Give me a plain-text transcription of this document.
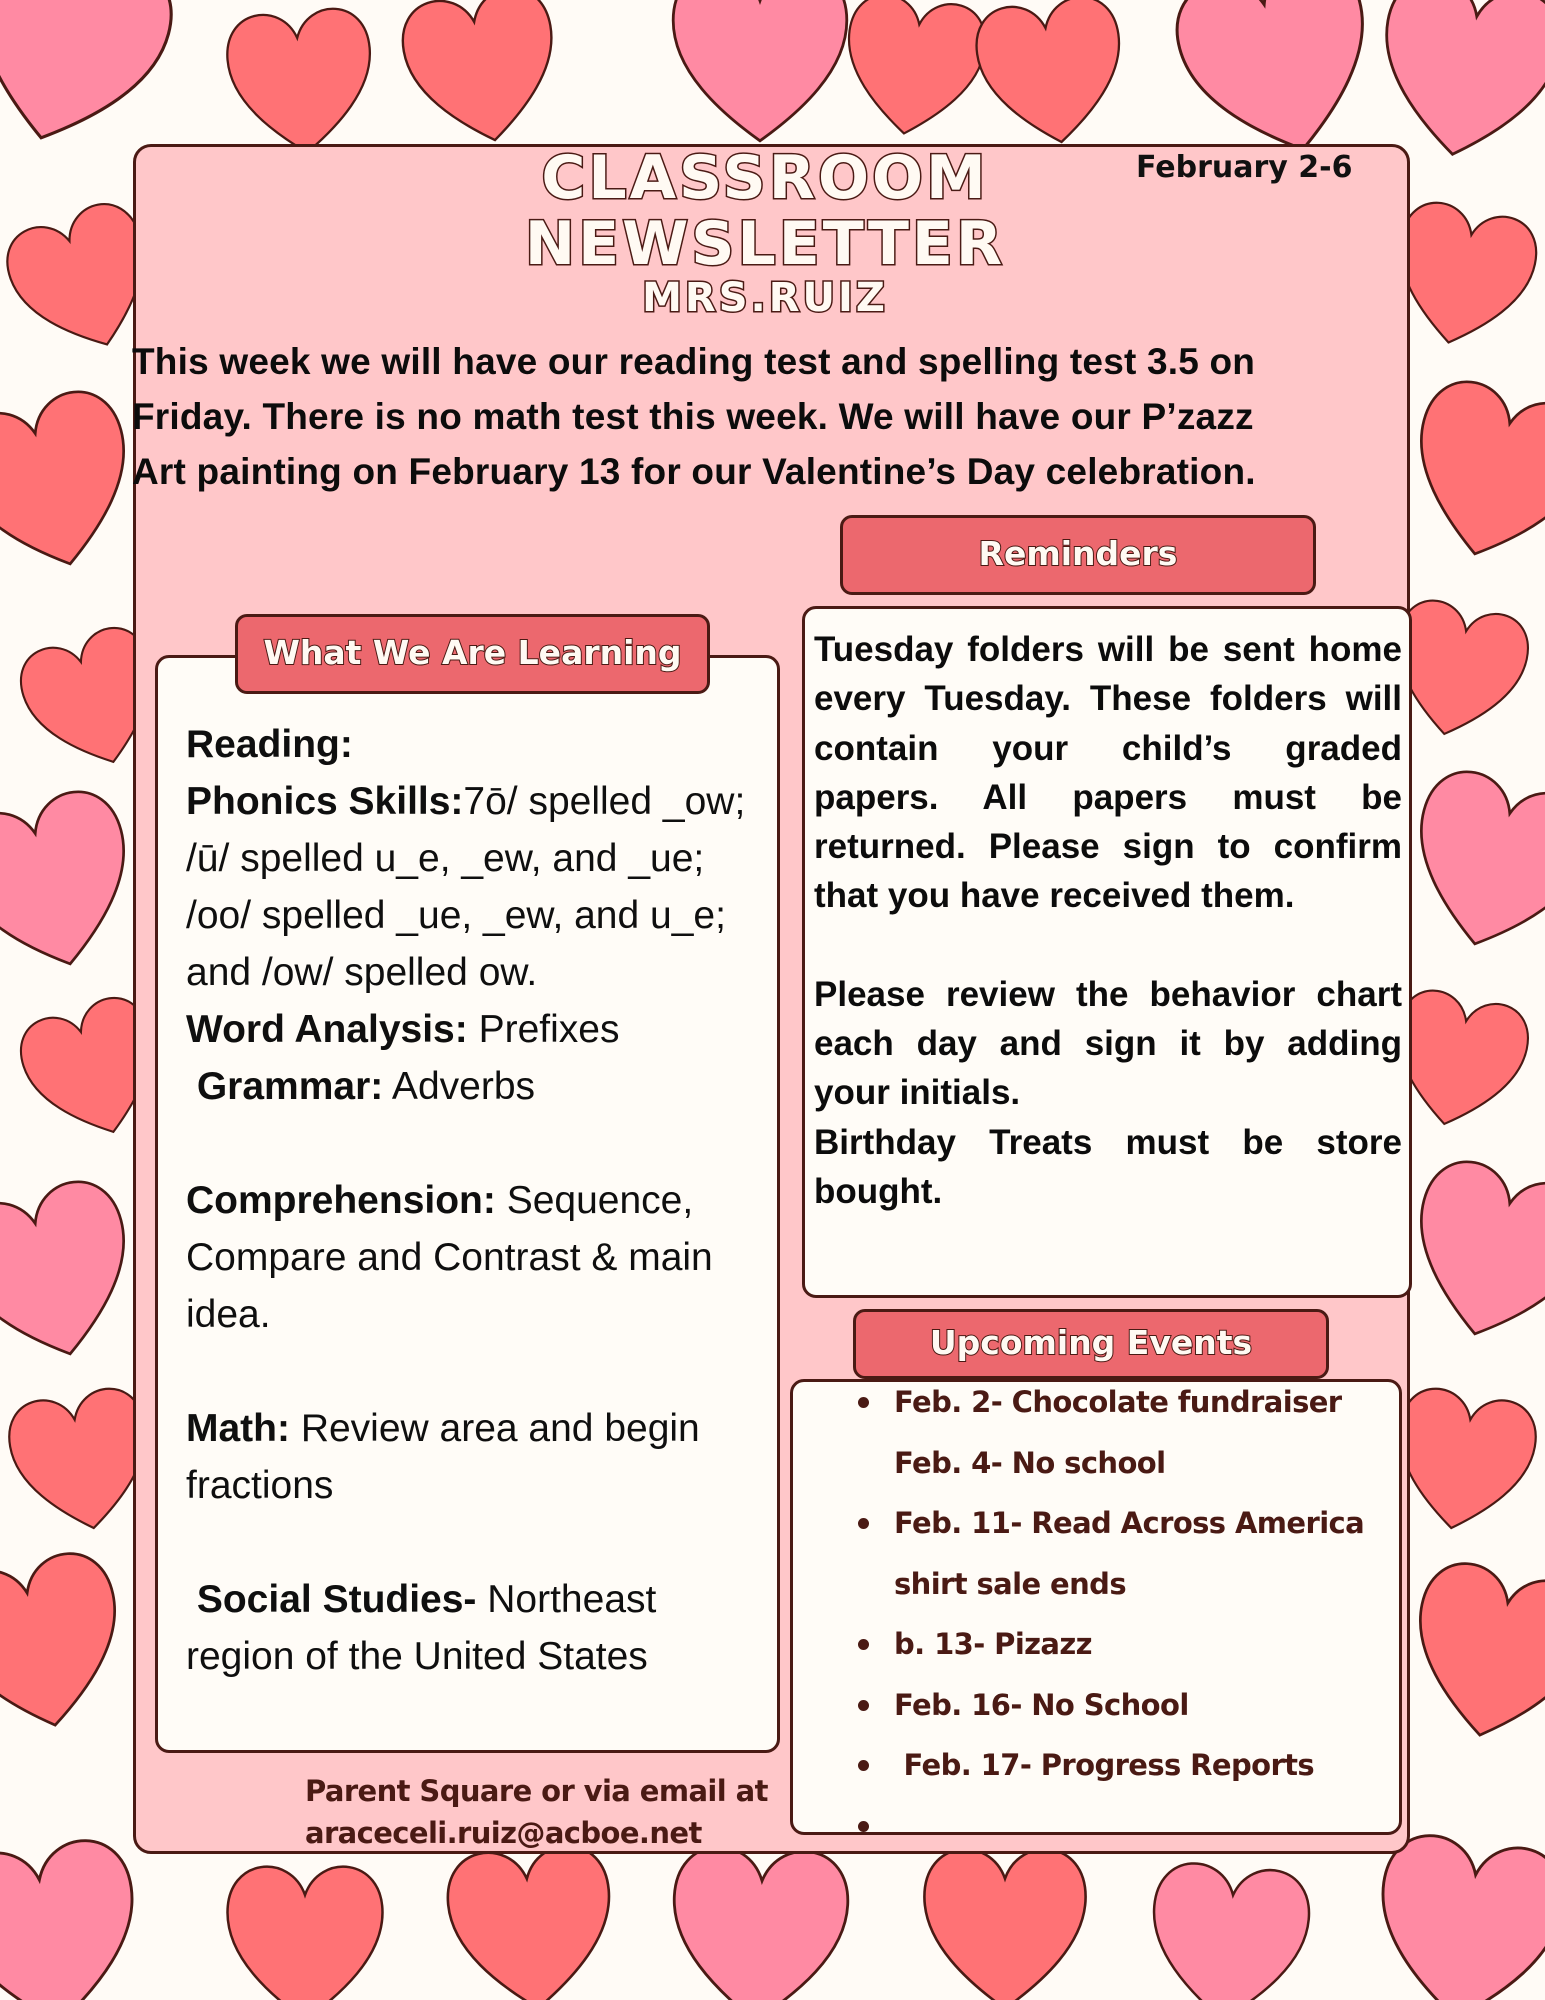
CLASSROOM
NEWSLETTER
MRS.RUIZ
February 2-6
This week we will have our reading test and spelling test 3.5 on
Friday. There is no math test this week. We will have our P’zazz
Art painting on February 13 for our Valentine’s Day celebration.
What We Are Learning

Reading:

Phonics Skills:7ō/ spelled _ow; /ū/ spelled u_e, _ew, and _ue; /oo/ spelled _ue, _ew, and u_e; and /ow/ spelled ow.

Word Analysis: Prefixes

Grammar: Adverbs

Comprehension: Sequence, Compare and Contrast & main idea.

Math: Review area and begin fractions

Social Studies- Northeast region of the United States

Reminders

Tuesday folders will be sent home every Tuesday. These folders will contain your child’s graded papers. All papers must be returned. Please sign to confirm that you have received them.

Please review the behavior chart each day and sign it by adding your initials.

Birthday Treats must be store bought.

Upcoming Events
Feb. 2- Chocolate fundraiser
Feb. 4- No school
Feb. 11- Read Across America
shirt sale ends
b. 13- Pizazz
Feb. 16- No School
Feb. 17- Progress Reports
Parent Square or via email at
araceceli.ruiz@acboe.net
